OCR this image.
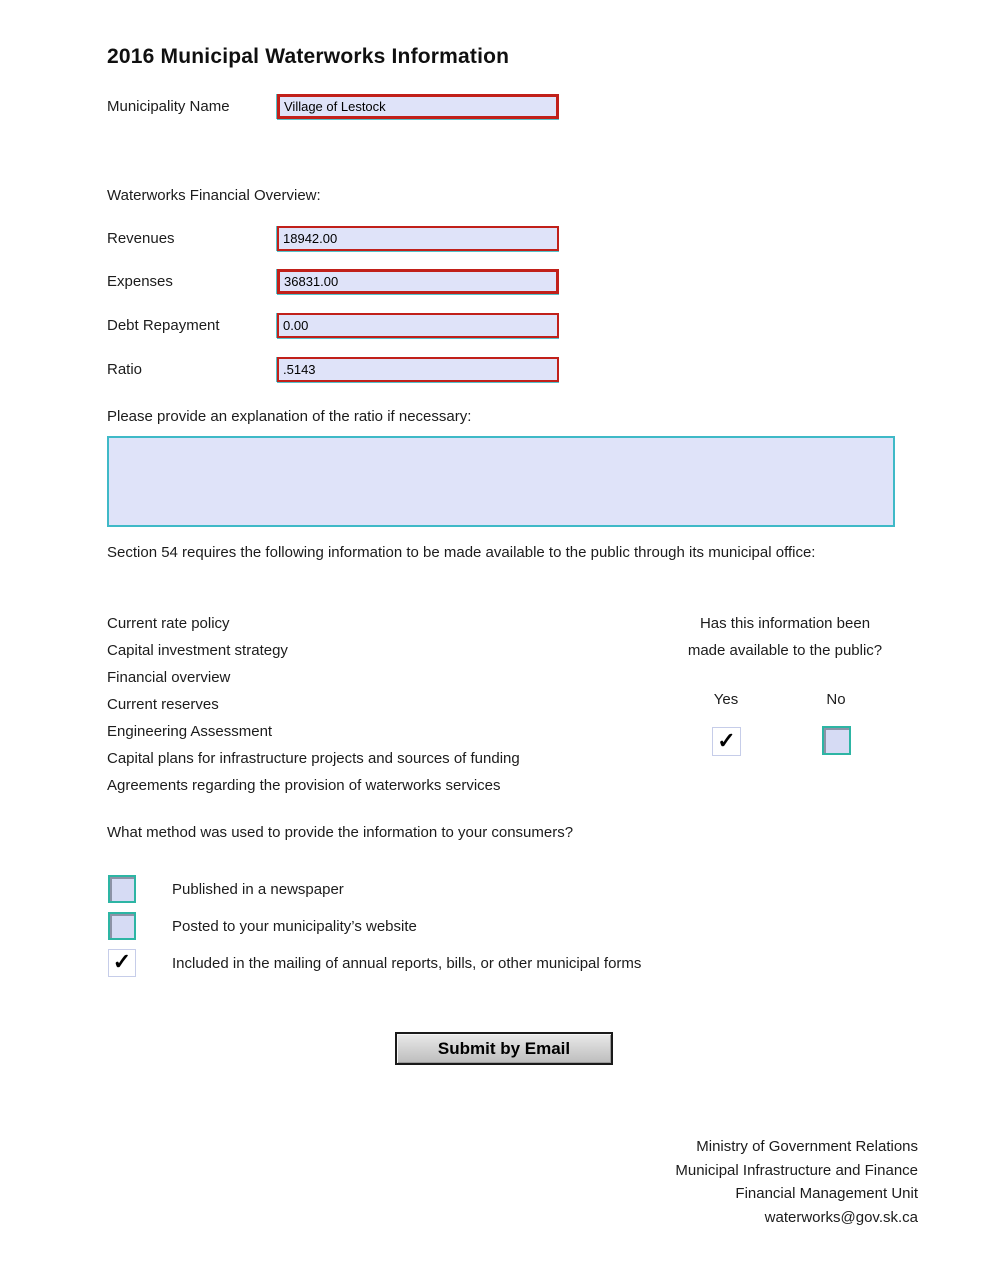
2016 Municipal Waterworks Information
Municipality Name
Village of Lestock
Waterworks Financial Overview:
Revenues
18942.00
Expenses
36831.00
Debt Repayment
0.00
Ratio
.5143
Please provide an explanation of the ratio if necessary:
Section 54 requires the following information to be made available to the public through its municipal office:
Current rate policy
Capital investment strategy
Financial overview
Current reserves
Engineering Assessment
Capital plans for infrastructure projects and sources of funding
Agreements regarding the provision of waterworks services
Has this information been
made available to the public?
Yes	No
✓
What method was used to provide the information to your consumers?
Published in a newspaper
Posted to your municipality’s website
✓	Included in the mailing of annual reports, bills, or other municipal forms
Submit by Email
Ministry of Government Relations
Municipal Infrastructure and Finance
Financial Management Unit
waterworks@gov.sk.ca
